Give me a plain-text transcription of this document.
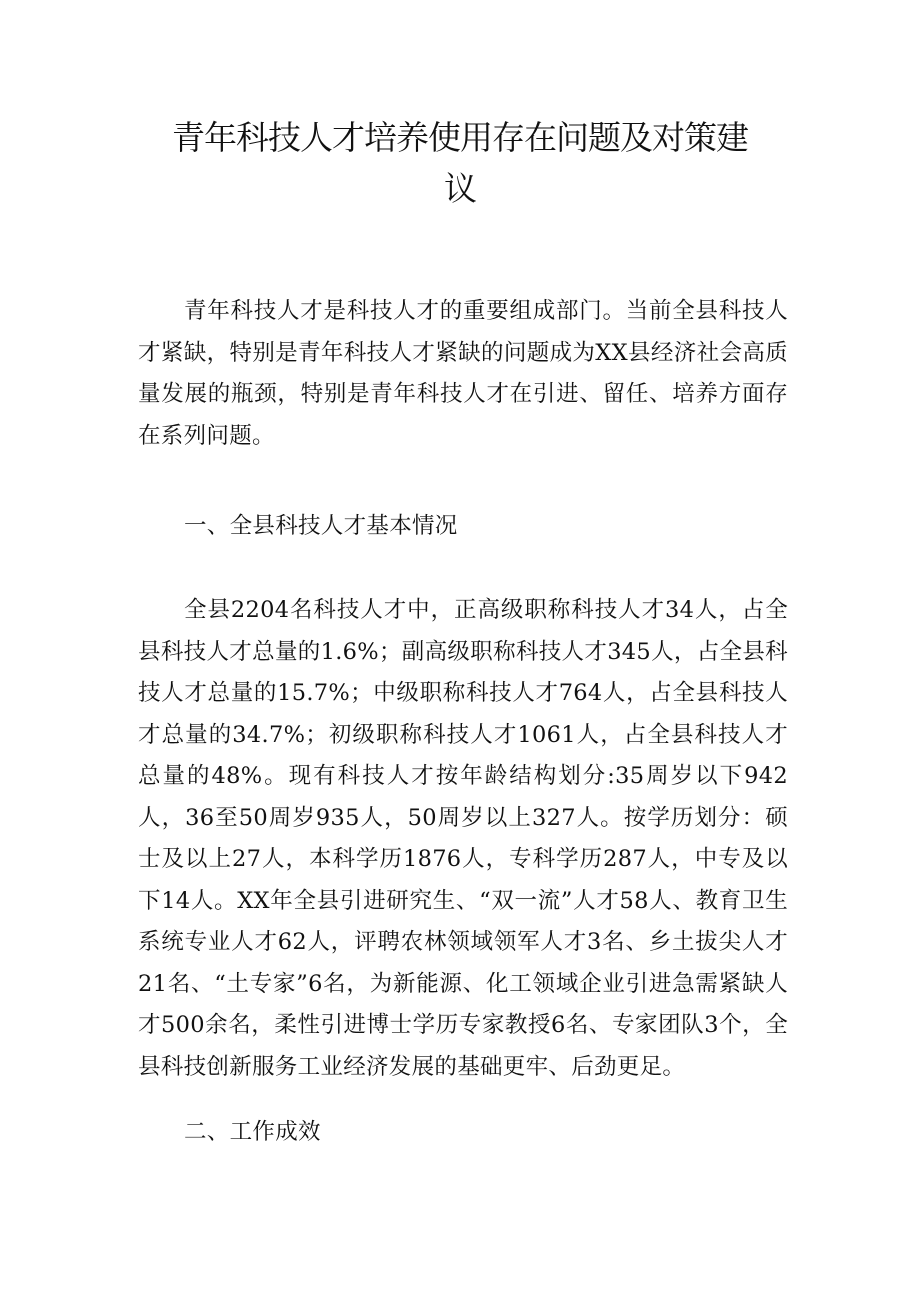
青年科技人才培养使用存在问题及对策建议

青年科技人才是科技人才的重要组成部门。当前全县科技人才紧缺，特别是青年科技人才紧缺的问题成为XX县经济社会高质量发展的瓶颈，特别是青年科技人才在引进、留任、培养方面存在系列问题。

一、全县科技人才基本情况

全县2204名科技人才中，正高级职称科技人才34人，占全县科技人才总量的1.6%；副高级职称科技人才345人，占全县科技人才总量的15.7%；中级职称科技人才764人，占全县科技人才总量的34.7%；初级职称科技人才1061人，占全县科技人才总量的48%。现有科技人才按年龄结构划分:35周岁以下942人，36至50周岁935人，50周岁以上327人。按学历划分：硕士及以上27人，本科学历1876人，专科学历287人，中专及以下14人。XX年全县引进研究生、“双一流”人才58人、教育卫生系统专业人才62人，评聘农林领域领军人才3名、乡土拔尖人才21名、“土专家”6名，为新能源、化工领域企业引进急需紧缺人才500余名，柔性引进博士学历专家教授6名、专家团队3个，全县科技创新服务工业经济发展的基础更牢、后劲更足。

二、工作成效
